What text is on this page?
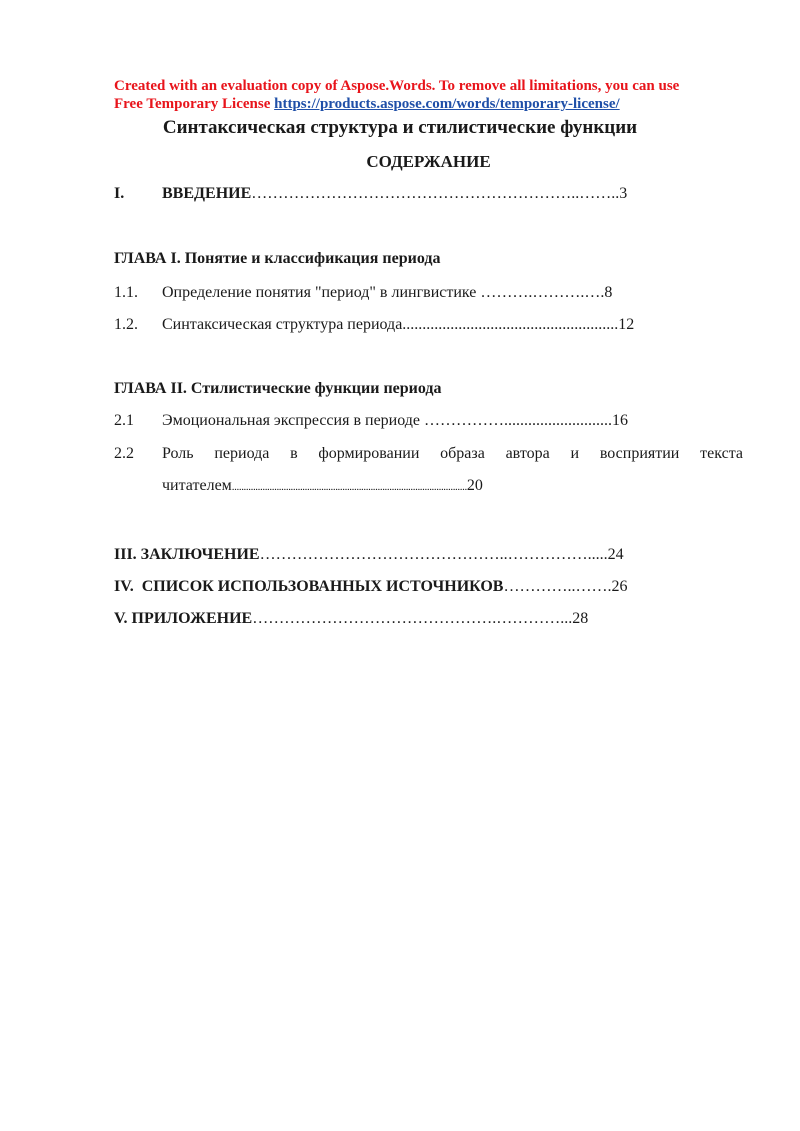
Created with an evaluation copy of Aspose.Words. To remove all limitations, you can use
Free Temporary License https://products.aspose.com/words/temporary-license/
Синтаксическая структура и стилистические функции
СОДЕРЖАНИЕ
I. ВВЕДЕНИЕ……………………………………………………..……..3
ГЛАВА I. Понятие и классификация периода
1.1. Определение понятия "период" в лингвистике ……….……….….8
1.2. Синтаксическая структура периода......................................................12
ГЛАВА II. Стилистические функции периода
2.1 Эмоциональная экспрессия в периоде ……………...........................16
2.2 Роль периода в формировании образа автора и восприятии текста
читателем....................................................................................................20
III. ЗАКЛЮЧЕНИЕ………………………………………..…………….....24
IV.  СПИСОК ИСПОЛЬЗОВАННЫХ ИСТОЧНИКОВ…………..…….26
V. ПРИЛОЖЕНИЕ……………………………………….…………...28
